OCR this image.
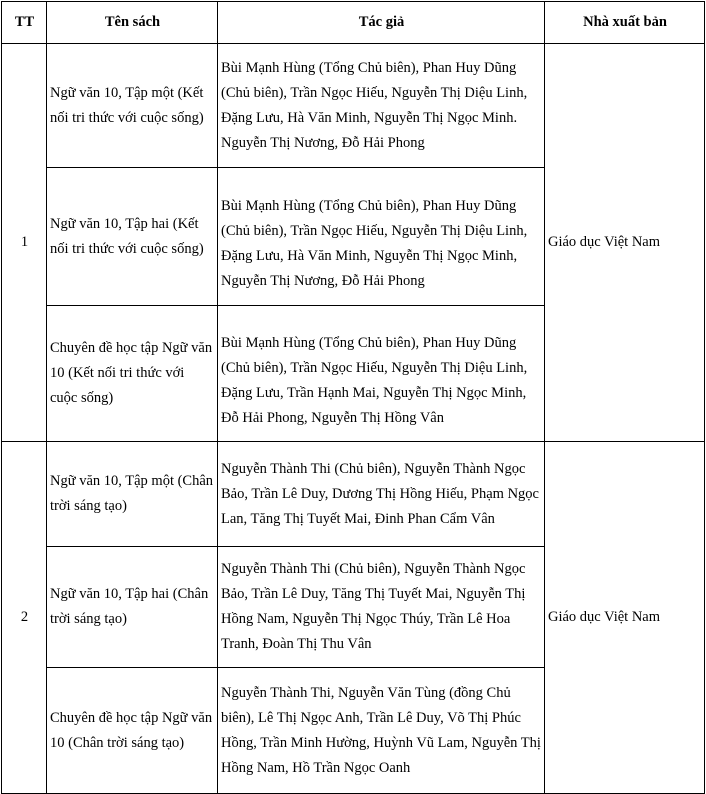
TT	Tên sách	Tác giả	Nhà xuất bản
1	Ngữ văn 10, Tập một (Kết nối tri thức với cuộc sống)	Bùi Mạnh Hùng (Tổng Chủ biên), Phan Huy Dũng (Chủ biên), Trần Ngọc Hiếu, Nguyễn Thị Diệu Linh, Đặng Lưu, Hà Văn Minh, Nguyễn Thị Ngọc Minh. Nguyễn Thị Nương, Đỗ Hải Phong	Giáo dục Việt Nam
	Ngữ văn 10, Tập hai (Kết nối tri thức với cuộc sống)	Bùi Mạnh Hùng (Tổng Chủ biên), Phan Huy Dũng (Chủ biên), Trần Ngọc Hiếu, Nguyễn Thị Diệu Linh, Đặng Lưu, Hà Văn Minh, Nguyễn Thị Ngọc Minh, Nguyễn Thị Nương, Đỗ Hải Phong	
	Chuyên đề học tập Ngữ văn 10 (Kết nối tri thức với cuộc sống)	Bùi Mạnh Hùng (Tổng Chủ biên), Phan Huy Dũng (Chủ biên), Trần Ngọc Hiếu, Nguyễn Thị Diệu Linh, Đặng Lưu, Trần Hạnh Mai, Nguyễn Thị Ngọc Minh, Đỗ Hải Phong, Nguyễn Thị Hồng Vân	
2	Ngữ văn 10, Tập một (Chân trời sáng tạo)	Nguyễn Thành Thi (Chủ biên), Nguyễn Thành Ngọc Bảo, Trần Lê Duy, Dương Thị Hồng Hiếu, Phạm Ngọc Lan, Tăng Thị Tuyết Mai, Đinh Phan Cẩm Vân	Giáo dục Việt Nam
	Ngữ văn 10, Tập hai (Chân trời sáng tạo)	Nguyễn Thành Thi (Chủ biên), Nguyễn Thành Ngọc Bảo, Trần Lê Duy, Tăng Thị Tuyết Mai, Nguyễn Thị Hồng Nam, Nguyễn Thị Ngọc Thúy, Trần Lê Hoa Tranh, Đoàn Thị Thu Vân	
	Chuyên đề học tập Ngữ văn 10 (Chân trời sáng tạo)	Nguyễn Thành Thi, Nguyễn Văn Tùng (đồng Chủ biên), Lê Thị Ngọc Anh, Trần Lê Duy, Võ Thị Phúc Hồng, Trần Minh Hường, Huỳnh Vũ Lam, Nguyễn Thị Hồng Nam, Hồ Trần Ngọc Oanh	
